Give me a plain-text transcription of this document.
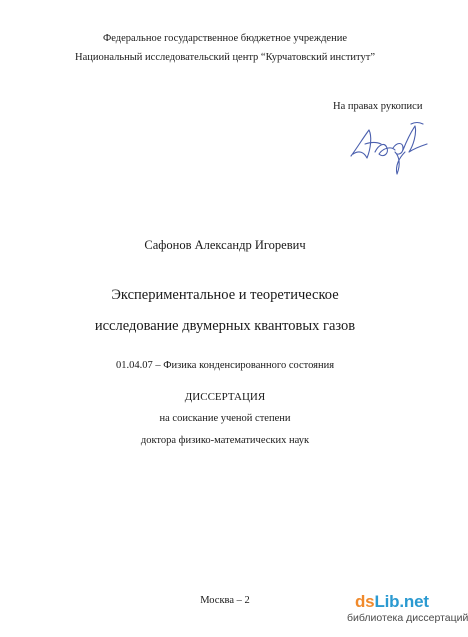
Федеральное государственное бюджетное учреждение
Национальный исследовательский центр “Курчатовский институт”
На правах рукописи
Сафонов Александр Игоревич
Экспериментальное и теоретическое
исследование двумерных квантовых газов
01.04.07 – Физика конденсированного состояния
ДИССЕРТАЦИЯ
на соискание ученой степени
доктора физико-математических наук
Москва – 2	dsLib.net
библиотека диссертаций
